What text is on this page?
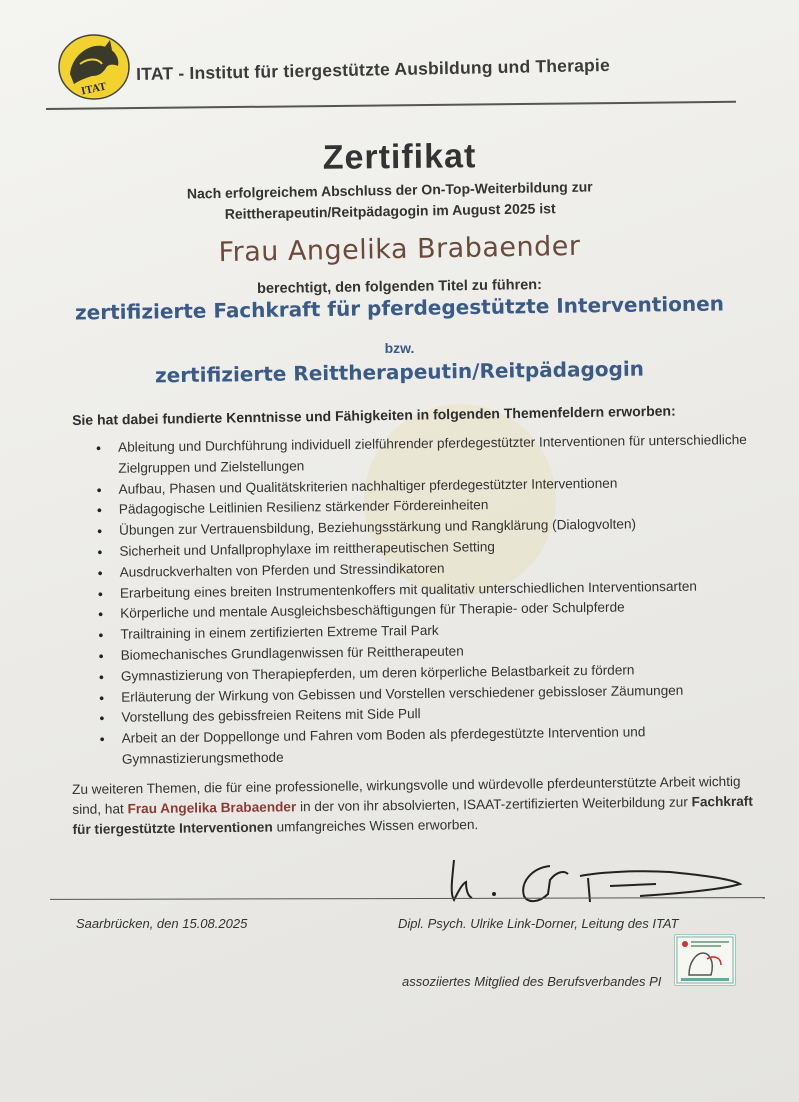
ITAT
ITAT - Institut für tiergestützte Ausbildung und Therapie
Zertifikat
Nach erfolgreichem Abschluss der On-Top-Weiterbildung zur
Reittherapeutin/Reitpädagogin im August 2025 ist
Frau Angelika Brabaender
berechtigt, den folgenden Titel zu führen:
zertifizierte Fachkraft für pferdegestützte Interventionen
bzw.
zertifizierte Reittherapeutin/Reitpädagogin
Sie hat dabei fundierte Kenntnisse und Fähigkeiten in folgenden Themenfeldern erworben:
• Ableitung und Durchführung individuell zielführender pferdegestützter Interventionen für unterschiedliche Zielgruppen und Zielstellungen
• Aufbau, Phasen und Qualitätskriterien nachhaltiger pferdegestützter Interventionen
• Pädagogische Leitlinien Resilienz stärkender Fördereinheiten
• Übungen zur Vertrauensbildung, Beziehungsstärkung und Rangklärung (Dialogvolten)
• Sicherheit und Unfallprophylaxe im reittherapeutischen Setting
• Ausdruckverhalten von Pferden und Stressindikatoren
• Erarbeitung eines breiten Instrumentenkoffers mit qualitativ unterschiedlichen Interventionsarten
• Körperliche und mentale Ausgleichsbeschäftigungen für Therapie- oder Schulpferde
• Trailtraining in einem zertifizierten Extreme Trail Park
• Biomechanisches Grundlagenwissen für Reittherapeuten
• Gymnastizierung von Therapiepferden, um deren körperliche Belastbarkeit zu fördern
• Erläuterung der Wirkung von Gebissen und Vorstellen verschiedener gebissloser Zäumungen
• Vorstellung des gebissfreien Reitens mit Side Pull
• Arbeit an der Doppellonge und Fahren vom Boden als pferdegestützte Intervention und Gymnastizierungsmethode
Zu weiteren Themen, die für eine professionelle, wirkungsvolle und würdevolle pferdeunterstützte Arbeit wichtig sind, hat Frau Angelika Brabaender in der von ihr absolvierten, ISAAT-zertifizierten Weiterbildung zur Fachkraft für tiergestützte Interventionen umfangreiches Wissen erworben.
Saarbrücken, den 15.08.2025	Dipl. Psych. Ulrike Link-Dorner, Leitung des ITAT
assoziiertes Mitglied des Berufsverbandes PI
